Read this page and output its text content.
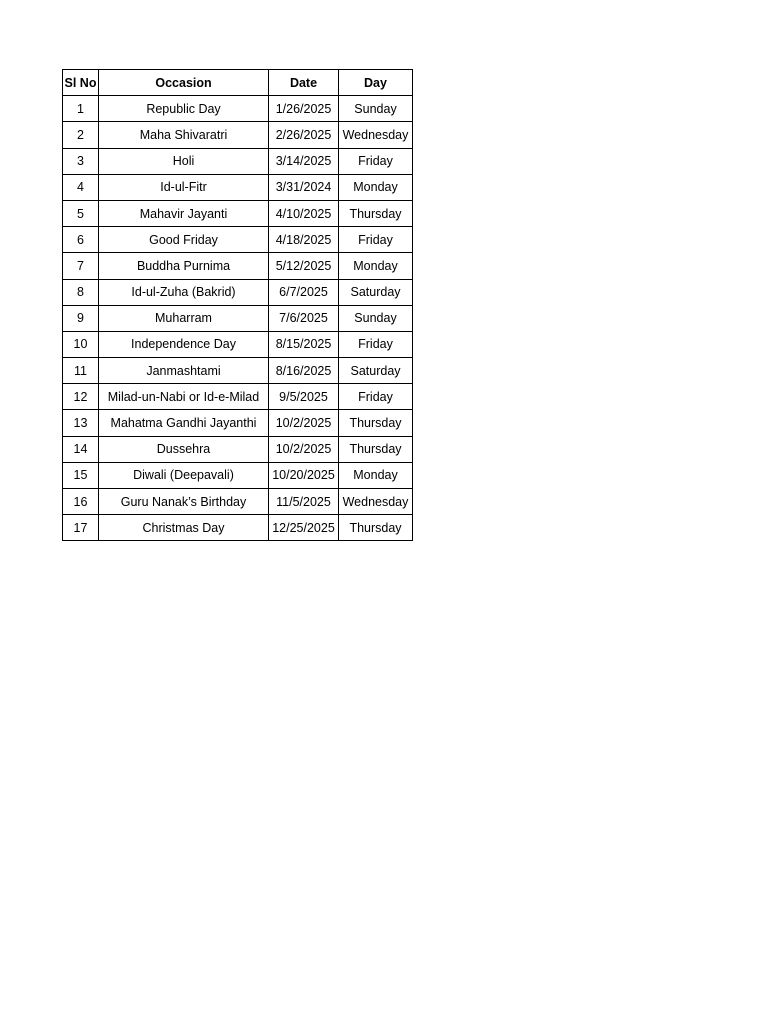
Sl No	Occasion	Date	Day
1	Republic Day	1/26/2025	Sunday
2	Maha Shivaratri	2/26/2025	Wednesday
3	Holi	3/14/2025	Friday
4	Id-ul-Fitr	3/31/2024	Monday
5	Mahavir Jayanti	4/10/2025	Thursday
6	Good Friday	4/18/2025	Friday
7	Buddha Purnima	5/12/2025	Monday
8	Id-ul-Zuha (Bakrid)	6/7/2025	Saturday
9	Muharram	7/6/2025	Sunday
10	Independence Day	8/15/2025	Friday
11	Janmashtami	8/16/2025	Saturday
12	Milad-un-Nabi or Id-e-Milad	9/5/2025	Friday
13	Mahatma Gandhi Jayanthi	10/2/2025	Thursday
14	Dussehra	10/2/2025	Thursday
15	Diwali (Deepavali)	10/20/2025	Monday
16	Guru Nanak’s Birthday	11/5/2025	Wednesday
17	Christmas Day	12/25/2025	Thursday
